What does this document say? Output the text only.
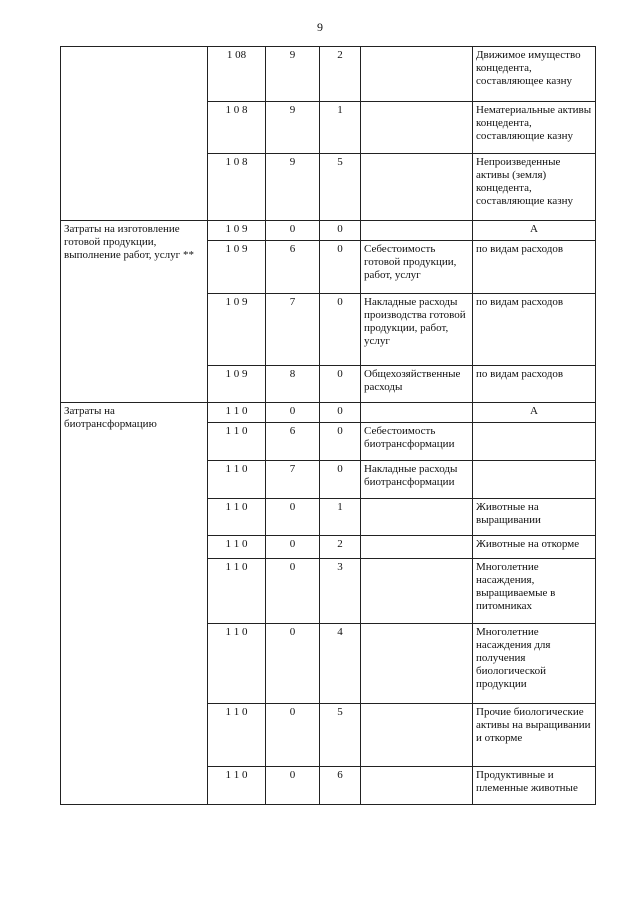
9
	1 08	9	2		Движимое имущество концедента, составляющее казну
	1 0 8	9	1		Нематериальные активы концедента, составляющие казну
	1 0 8	9	5		Непроизведенные активы (земля) концедента, составляющие казну
Затраты на изготовление готовой продукции, выполнение работ, услуг **	1 0 9	0	0		А
	1 0 9	6	0	Себестоимость готовой продукции, работ, услуг	по видам расходов
	1 0 9	7	0	Накладные расходы производства готовой продукции, работ, услуг	по видам расходов
	1 0 9	8	0	Общехозяйственные расходы	по видам расходов
Затраты на биотрансформацию	1 1 0	0	0		А
	1 1 0	6	0	Себестоимость биотрансформации	
	1 1 0	7	0	Накладные расходы биотрансформации	
	1 1 0	0	1		Животные на выращивании
	1 1 0	0	2		Животные на откорме
	1 1 0	0	3		Многолетние насаждения, выращиваемые в питомниках
	1 1 0	0	4		Многолетние насаждения для получения биологической продукции
	1 1 0	0	5		Прочие биологические активы на выращивании и откорме
	1 1 0	0	6		Продуктивные и племенные животные
